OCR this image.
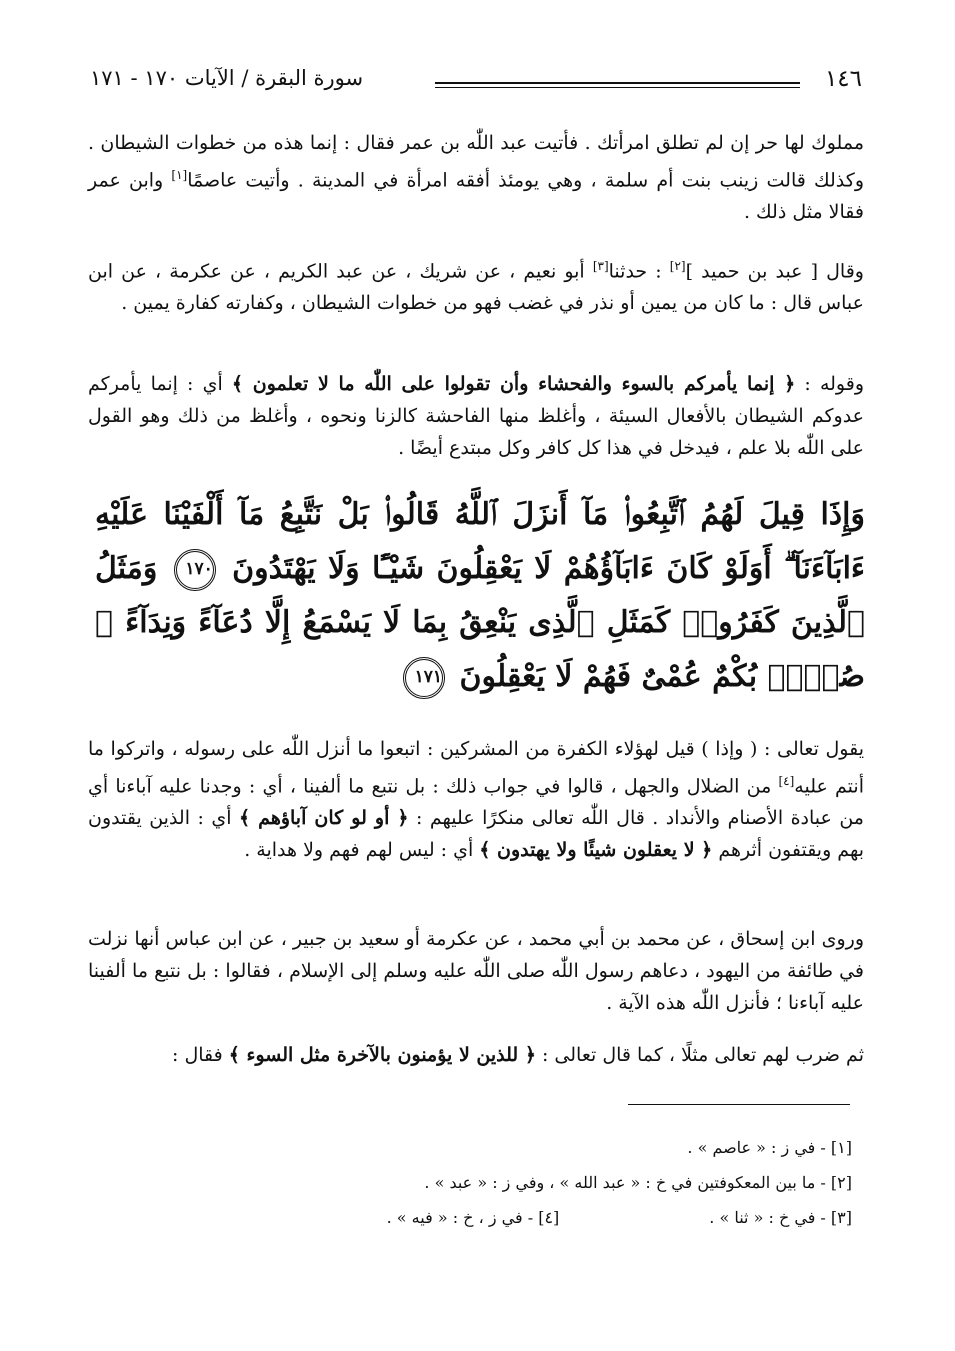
١٤٦
سورة البقرة / الآيات ١٧٠ - ١٧١
مملوك لها حر إن لم تطلق امرأتك . فأتيت عبد اللّٰه بن عمر فقال : إنما هذه من خطوات الشيطان . وكذلك قالت زينب بنت أم سلمة ، وهي يومئذ أفقه امرأة في المدينة . وأتيت عاصمًا[١] وابن عمر فقالا مثل ذلك .
وقال [ عبد بن حميد ][٢] : حدثنا[٣] أبو نعيم ، عن شريك ، عن عبد الكريم ، عن عكرمة ، عن ابن عباس قال : ما كان من يمين أو نذر في غضب فهو من خطوات الشيطان ، وكفارته كفارة يمين .
وقوله : ﴿ إنما يأمركم بالسوء والفحشاء وأن تقولوا على اللّٰه ما لا تعلمون ﴾ أي : إنما يأمركم عدوكم الشيطان بالأفعال السيئة ، وأغلظ منها الفاحشة كالزنا ونحوه ، وأغلظ من ذلك وهو القول على اللّٰه بلا علم ، فيدخل في هذا كل كافر وكل مبتدع أيضًا .
وَإِذَا قِيلَ لَهُمُ ٱتَّبِعُوا۟ مَآ أَنزَلَ ٱللَّهُ قَالُوا۟ بَلْ نَتَّبِعُ مَآ أَلْفَيْنَا عَلَيْهِ ءَابَآءَنَآ ۗ أَوَلَوْ كَانَ ءَابَآؤُهُمْ لَا يَعْقِلُونَ شَيْـًٔا وَلَا يَهْتَدُونَ ١٧٠ وَمَثَلُ ٱلَّذِينَ كَفَرُوا۟ كَمَثَلِ ٱلَّذِى يَنْعِقُ بِمَا لَا يَسْمَعُ إِلَّا دُعَآءً وَنِدَآءً ۚ صُمٌّۢ بُكْمٌ عُمْىٌ فَهُمْ لَا يَعْقِلُونَ ١٧١
يقول تعالى : ( وإذا ) قيل لهؤلاء الكفرة من المشركين : اتبعوا ما أنزل اللّٰه على رسوله ، واتركوا ما أنتم عليه[٤] من الضلال والجهل ، قالوا في جواب ذلك : بل نتبع ما ألفينا ، أي : وجدنا عليه آباءنا أي من عبادة الأصنام والأنداد . قال اللّٰه تعالى منكرًا عليهم : ﴿ أو لو كان آباؤهم ﴾ أي : الذين يقتدون بهم ويقتفون أثرهم ﴿ لا يعقلون شيئًا ولا يهتدون ﴾ أي : ليس لهم فهم ولا هداية .
وروى ابن إسحاق ، عن محمد بن أبي محمد ، عن عكرمة أو سعيد بن جبير ، عن ابن عباس أنها نزلت في طائفة من اليهود ، دعاهم رسول اللّٰه صلى اللّٰه عليه وسلم إلى الإسلام ، فقالوا : بل نتبع ما ألفينا عليه آباءنا ؛ فأنزل اللّٰه هذه الآية .
ثم ضرب لهم تعالى مثلًا ، كما قال تعالى : ﴿ للذين لا يؤمنون بالآخرة مثل السوء ﴾ فقال :
[١] - في ز : « عاصم » .
[٢] - ما بين المعكوفتين في خ : « عبد الله » ، وفي ز : « عبد » .
[٣] - في خ : « ثنا » .
[٤] - في ز ، خ : « فيه » .
